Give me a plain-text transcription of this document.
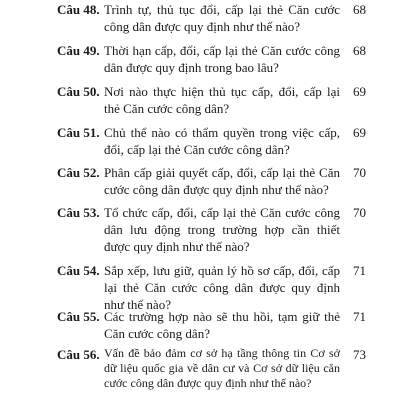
Câu 48. Trình tự, thủ tục đổi, cấp lại thẻ Căn cước công dân được quy định như thế nào?
68
Câu 49. Thời hạn cấp, đổi, cấp lại thẻ Căn cước công dân được quy định trong bao lâu?
68
Câu 50. Nơi nào thực hiện thủ tục cấp, đổi, cấp lại thẻ Căn cước công dân?
69
Câu 51. Chủ thể nào có thẩm quyền trong việc cấp, đổi, cấp lại thẻ Căn cước công dân?
69
Câu 52. Phân cấp giải quyết cấp, đổi, cấp lại thẻ Căn cước công dân được quy định như thế nào?
70
Câu 53. Tổ chức cấp, đổi, cấp lại thẻ Căn cước công dân lưu động trong trường hợp cần thiết được quy định như thế nào?
70
Câu 54. Sắp xếp, lưu giữ, quản lý hồ sơ cấp, đổi, cấp lại thẻ Căn cước công dân được quy định như thế nào?
71
Câu 55. Các trường hợp nào sẽ thu hồi, tạm giữ thẻ Căn cước công dân?
71
Câu 56. Vấn đề bảo đảm cơ sở hạ tầng thông tin Cơ sở dữ liệu quốc gia về dân cư và Cơ sở dữ liệu căn cước công dân được quy định như thế nào?
73
